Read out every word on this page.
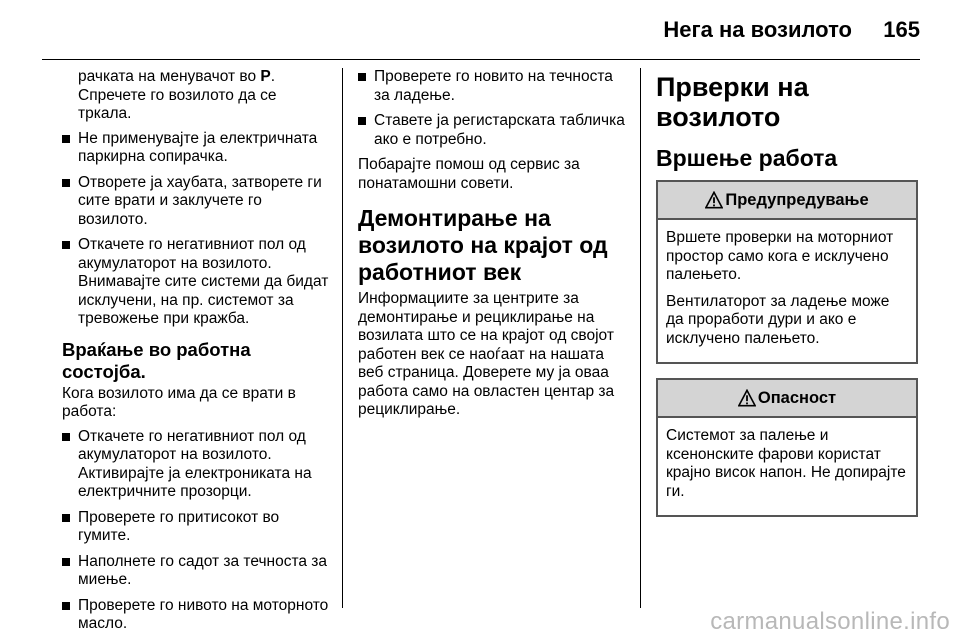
Нега на возилото 165

рачката на менувачот во P. Спречете го возилото да се тркала.

Не применувајте ја електричната паркирна сопирачка.
Отворете ја хаубата, затворете ги сите врати и заклучете го возилото.
Откачете го негативниот пол од акумулаторот на возилото. Внимавајте сите системи да бидат исклучени, на пр. системот за тревожење при кражба.
Враќање во работна состојба.

Кога возилото има да се врати в работа:

Откачете го негативниот пол од акумулаторот на возилото. Активирајте ја електрониката на електричните прозорци.
Проверете го притисокот во гумите.
Наполнете го садот за течноста за миење.
Проверете го нивото на моторното масло.
Проверете го новито на течноста за ладење.
Ставете ја регистарската табличка ако е потребно.

Побарајте помош од сервис за понатамошни совети.

Демонтирање на возилото на крајот од работниот век

Информациите за центрите за демонтирање и рециклирање на возилата што се на крајот од својот работен век се наоѓаат на нашата веб страница. Доверете му ја оваа работа само на овластен центар за рециклирање.

Прверки на возилото
Вршење работа
Предупредување

Вршете проверки на моторниот простор само кога е исклучено палењето.

Вентилаторот за ладење може да проработи дури и ако е исклучено палењето.

Опасност

Системот за палење и ксенонските фарови користат крајно висок напон. Не допирајте ги.

carmanualsonline.info
